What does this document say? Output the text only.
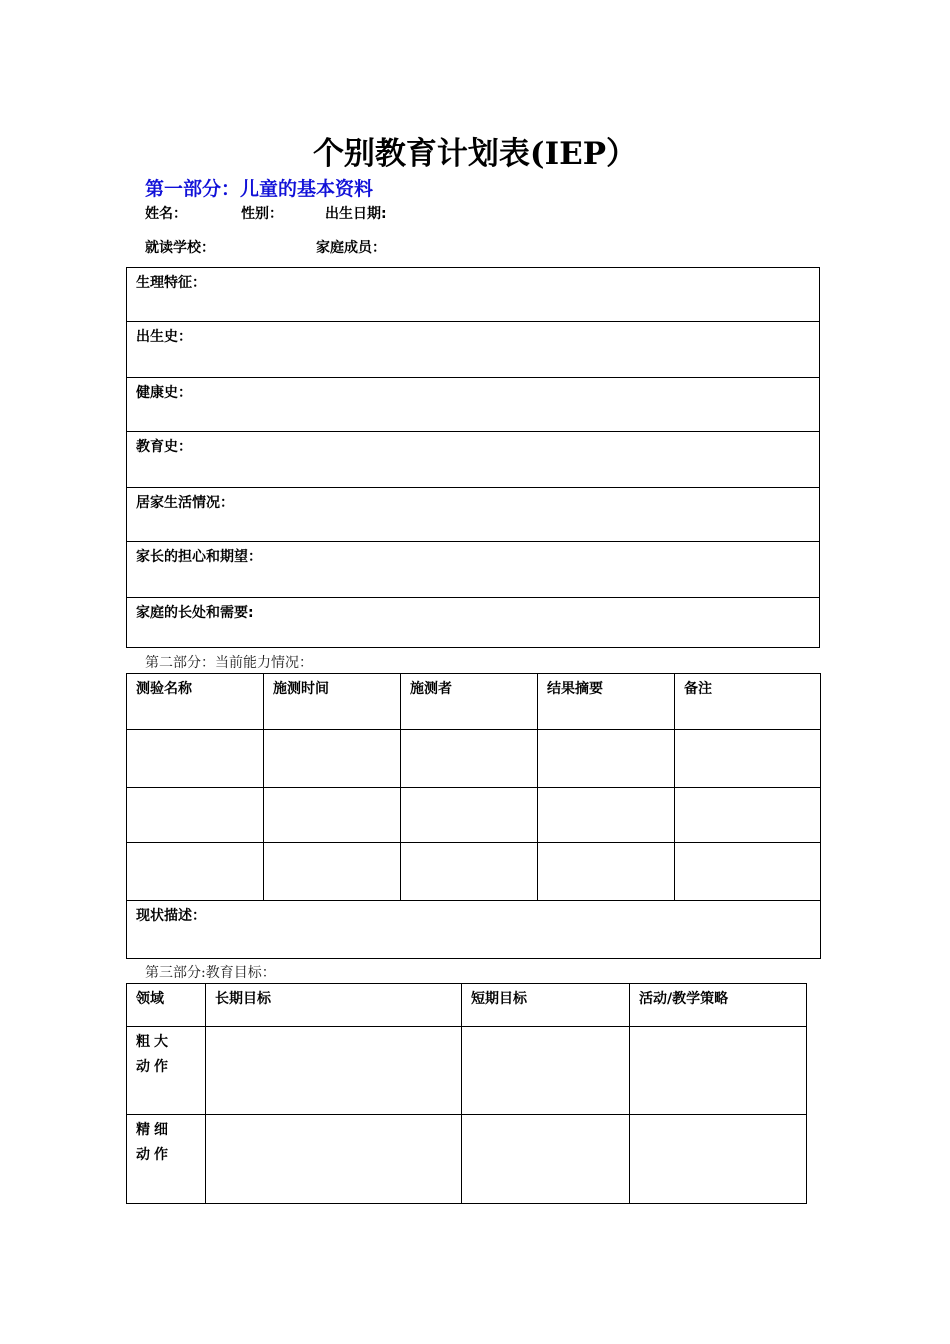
个别教育计划表(IEP）
第一部分：儿童的基本资料
姓名：	性别：	出生日期:
就读学校：	家庭成员：
生理特征：

出生史：

健康史：

教育史：

居家生活情况：

家长的担心和期望：

家庭的长处和需要:
第二部分：当前能力情况：
测验名称	施测时间	施测者	结果摘要	备注

现状描述：				
第三部分:教育目标：
领域	长期目标	短期目标	活动/教学策略

粗大
动作			

精细
动作			
